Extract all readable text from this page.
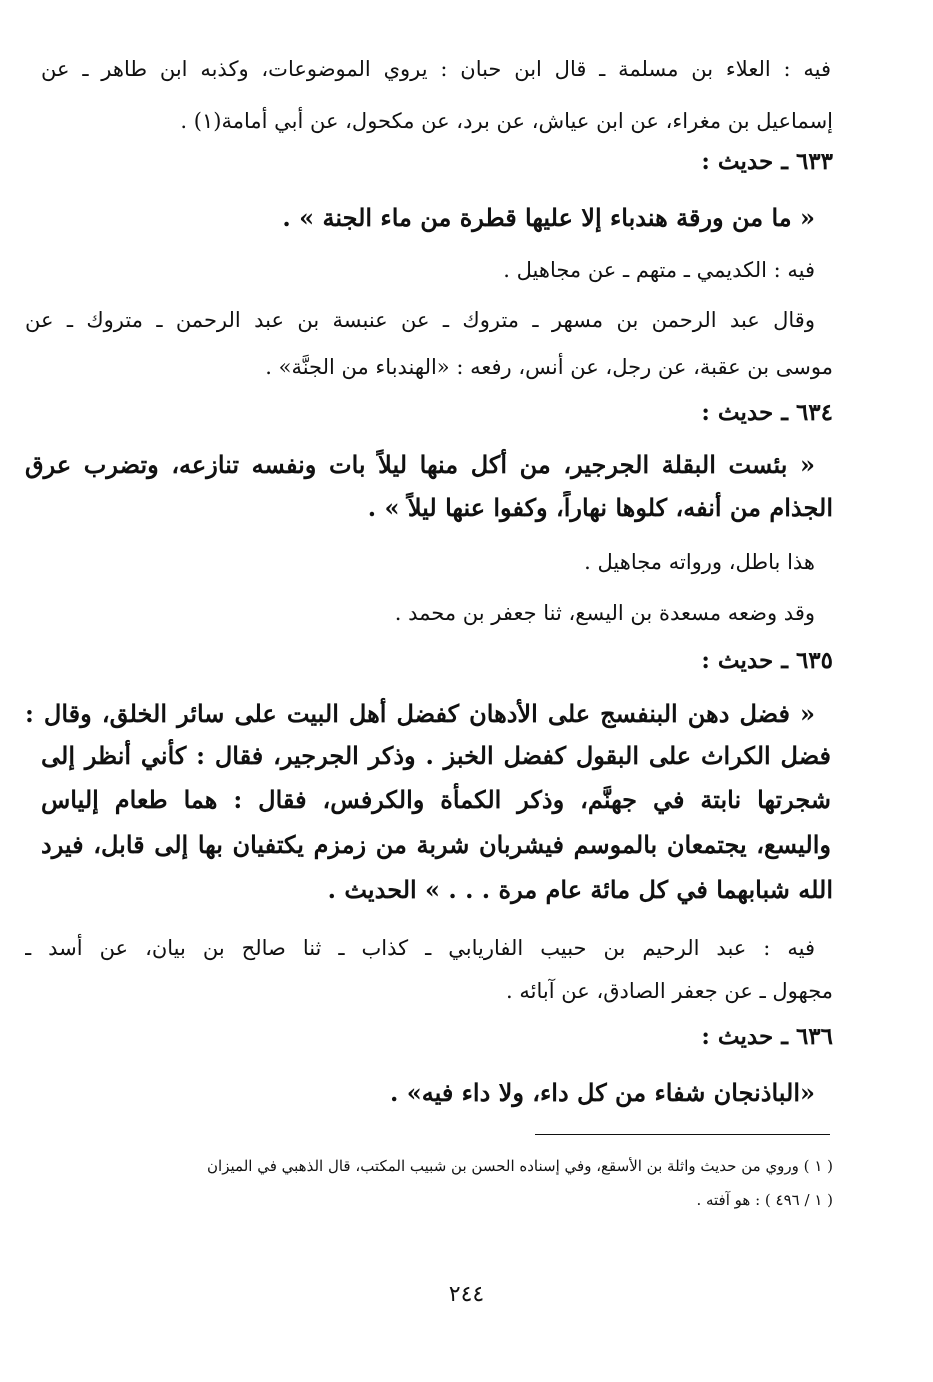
فيه : العلاء بن مسلمة ـ قال ابن حبان : يروي الموضوعات، وكذبه ابن طاهر ـ عن
إسماعيل بن مغراء، عن ابن عياش، عن برد، عن مكحول، عن أبي أمامة(١) .
٦٣٣ ـ حديث :
« ما من ورقة هندباء إلا عليها قطرة من ماء الجنة » .
فيه : الكديمي ـ متهم ـ عن مجاهيل .
وقال عبد الرحمن بن مسهر ـ متروك ـ عن عنبسة بن عبد الرحمن ـ متروك ـ عن
موسى بن عقبة، عن رجل، عن أنس، رفعه : «الهندباء من الجنَّة» .
٦٣٤ ـ حديث :
« بئست البقلة الجرجير، من أكل منها ليلاً بات ونفسه تنازعه، وتضرب عرق
الجذام من أنفه، كلوها نهاراً، وكفوا عنها ليلاً » .
هذا باطل، ورواته مجاهيل .
وقد وضعه مسعدة بن اليسع، ثنا جعفر بن محمد .
٦٣٥ ـ حديث :
« فضل دهن البنفسج على الأدهان كفضل أهل البيت على سائر الخلق، وقال :
فضل الكراث على البقول كفضل الخبز . وذكر الجرجير، فقال : كأني أنظر إلى
شجرتها نابتة في جهنَّم، وذكر الكمأة والكرفس، فقال : هما طعام إلياس
واليسع، يجتمعان بالموسم فيشربان شربة من زمزم يكتفيان بها إلى قابل، فيرد
الله شبابهما في كل مائة عام مرة . . . » الحديث .
فيه : عبد الرحيم بن حبيب الفاريابي ـ كذاب ـ ثنا صالح بن بيان، عن أسد ـ
مجهول ـ عن جعفر الصادق، عن آبائه .
٦٣٦ ـ حديث :
«الباذنجان شفاء من كل داء، ولا داء فيه» .
( ١ ) وروي من حديث واثلة بن الأسقع، وفي إسناده الحسن بن شبيب المكتب، قال الذهبي في الميزان
( ١ / ٤٩٦ ) : هو آفته .
٢٤٤
